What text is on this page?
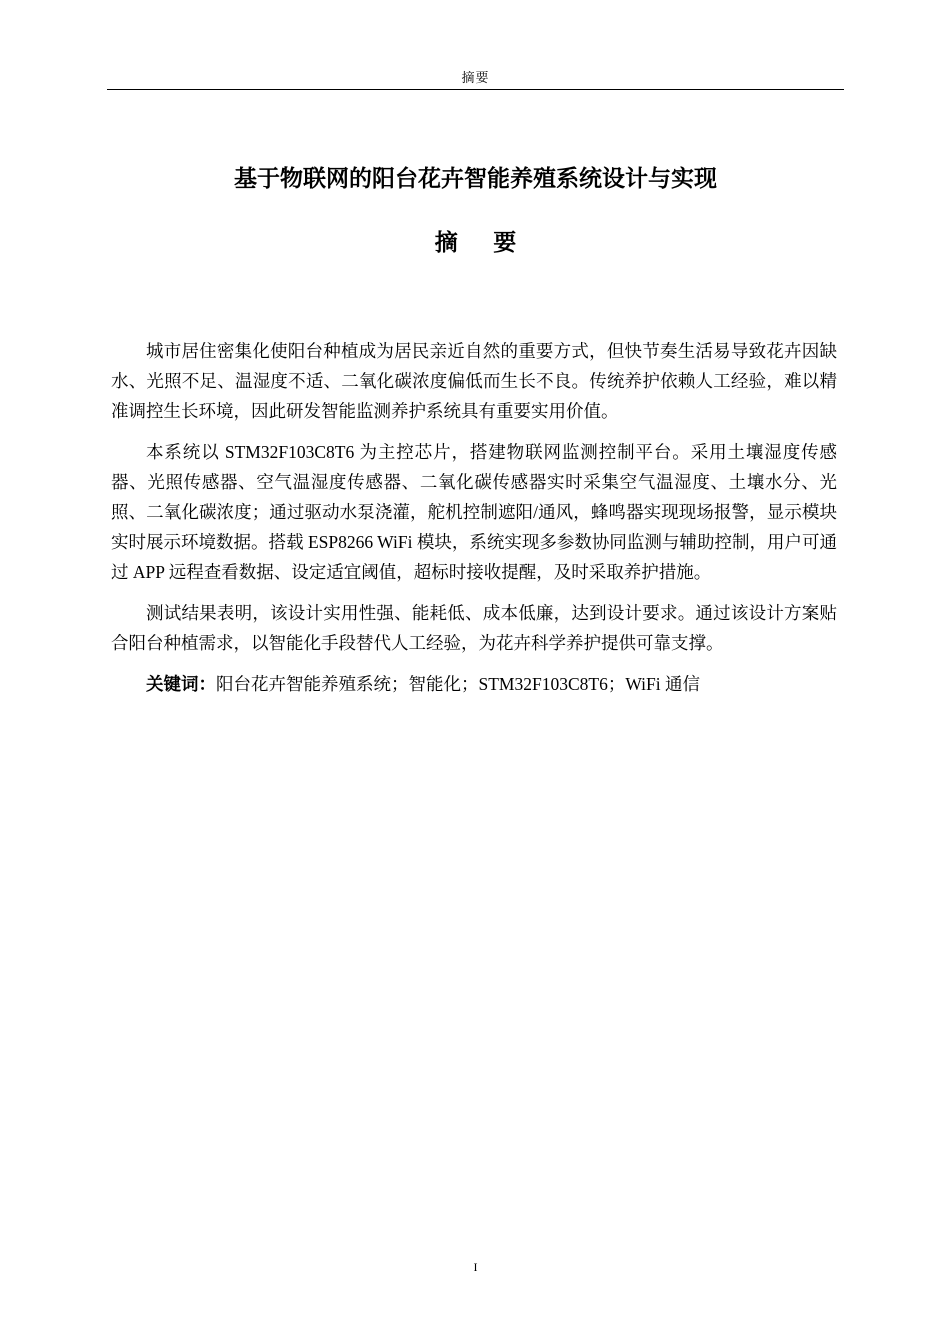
摘要
基于物联网的阳台花卉智能养殖系统设计与实现
摘 要

城市居住密集化使阳台种植成为居民亲近自然的重要方式，但快节奏生活易导致花卉因缺水、光照不足、温湿度不适、二氧化碳浓度偏低而生长不良。传统养护依赖人工经验，难以精准调控生长环境，因此研发智能监测养护系统具有重要实用价值。

本系统以 STM32F103C8T6 为主控芯片，搭建物联网监测控制平台。采用土壤湿度传感器、光照传感器、空气温湿度传感器、二氧化碳传感器实时采集空气温湿度、土壤水分、光照、二氧化碳浓度；通过驱动水泵浇灌，舵机控制遮阳/通风，蜂鸣器实现现场报警，显示模块实时展示环境数据。搭载 ESP8266 WiFi 模块，系统实现多参数协同监测与辅助控制，用户可通过 APP 远程查看数据、设定适宜阈值，超标时接收提醒，及时采取养护措施。

测试结果表明，该设计实用性强、能耗低、成本低廉，达到设计要求。通过该设计方案贴合阳台种植需求，以智能化手段替代人工经验，为花卉科学养护提供可靠支撑。

关键词：阳台花卉智能养殖系统；智能化；STM32F103C8T6；WiFi 通信

I
